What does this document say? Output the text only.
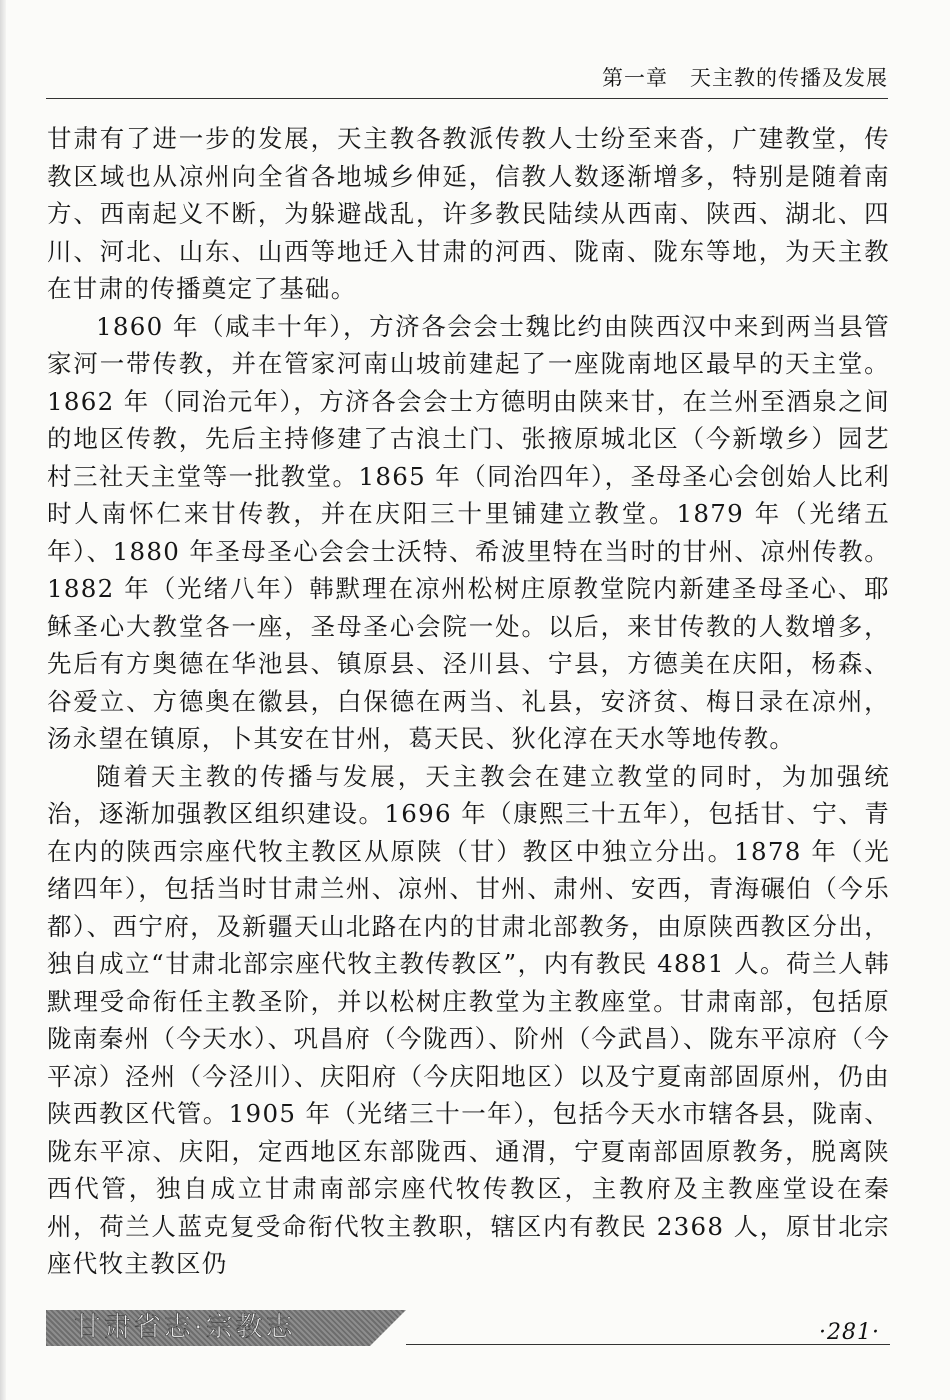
第一章　天主教的传播及发展

甘肃有了进一步的发展，天主教各教派传教人士纷至来沓，广建教堂，传教区域也从凉州向全省各地城乡伸延，信教人数逐渐增多，特别是随着南方、西南起义不断，为躲避战乱，许多教民陆续从西南、陕西、湖北、四川、河北、山东、山西等地迁入甘肃的河西、陇南、陇东等地，为天主教在甘肃的传播奠定了基础。

1860 年（咸丰十年），方济各会会士魏比约由陕西汉中来到两当县管家河一带传教，并在管家河南山坡前建起了一座陇南地区最早的天主堂。1862 年（同治元年），方济各会会士方德明由陕来甘，在兰州至酒泉之间的地区传教，先后主持修建了古浪土门、张掖原城北区（今新墩乡）园艺村三社天主堂等一批教堂。1865 年（同治四年），圣母圣心会创始人比利时人南怀仁来甘传教，并在庆阳三十里铺建立教堂。1879 年（光绪五年）、1880 年圣母圣心会会士沃特、希波里特在当时的甘州、凉州传教。1882 年（光绪八年）韩默理在凉州松树庄原教堂院内新建圣母圣心、耶稣圣心大教堂各一座，圣母圣心会院一处。以后，来甘传教的人数增多，先后有方奥德在华池县、镇原县、泾川县、宁县，方德美在庆阳，杨森、谷爱立、方德奥在徽县，白保德在两当、礼县，安济贫、梅日录在凉州，汤永望在镇原，卜其安在甘州，葛天民、狄化淳在天水等地传教。

随着天主教的传播与发展，天主教会在建立教堂的同时，为加强统治，逐渐加强教区组织建设。1696 年（康熙三十五年），包括甘、宁、青在内的陕西宗座代牧主教区从原陕（甘）教区中独立分出。1878 年（光绪四年），包括当时甘肃兰州、凉州、甘州、肃州、安西，青海碾伯（今乐都）、西宁府，及新疆天山北路在内的甘肃北部教务，由原陕西教区分出，独自成立“甘肃北部宗座代牧主教传教区”，内有教民 4881 人。荷兰人韩默理受命衔任主教圣阶，并以松树庄教堂为主教座堂。甘肃南部，包括原陇南秦州（今天水）、巩昌府（今陇西）、阶州（今武昌）、陇东平凉府（今平凉）泾州（今泾川）、庆阳府（今庆阳地区）以及宁夏南部固原州，仍由陕西教区代管。1905 年（光绪三十一年），包括今天水市辖各县，陇南、陇东平凉、庆阳，定西地区东部陇西、通渭，宁夏南部固原教务，脱离陕西代管，独自成立甘肃南部宗座代牧传教区，主教府及主教座堂设在秦州，荷兰人蓝克复受命衔代牧主教职，辖区内有教民 2368 人，原甘北宗座代牧主教区仍

甘肃省志·宗教志	·281·
